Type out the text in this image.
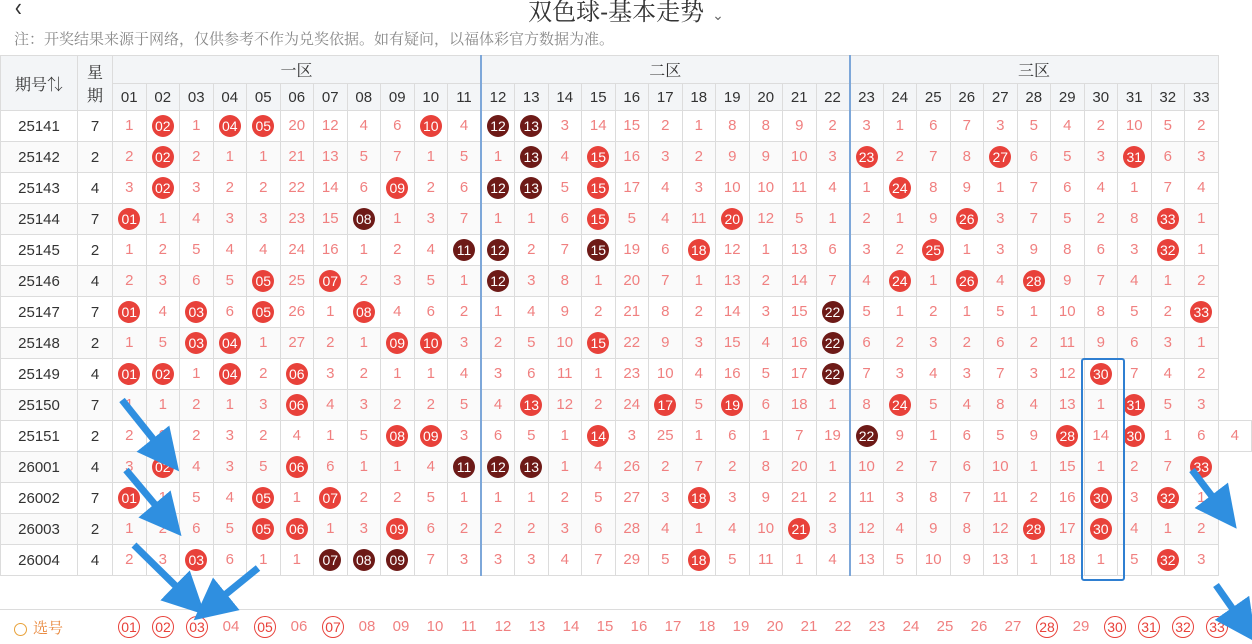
‹	双色球-基本走势 ⌄
注：开奖结果来源于网络，仅供参考不作为兑奖依据。如有疑问，以福体彩官方数据为准。
期号⇅	星
期	一区											二区											三区											
		01	02	03	04	05	06	07	08	09	10	11	12	13	14	15	16	17	18	19	20	21	22	23	24	25	26	27	28	29	30	31	32	33	
25141	7	1	02	1	04	05	20	12	4	6	10	4	12	13	3	14	15	2	1	8	8	9	2	3	1	6	7	3	5	4	2	10	5	2	

25142	2	2	02	2	1	1	21	13	5	7	1	5	1	13	4	15	16	3	2	9	9	10	3	23	2	7	8	27	6	5	3	31	6	3	

25143	4	3	02	3	2	2	22	14	6	09	2	6	12	13	5	15	17	4	3	10	10	11	4	1	24	8	9	1	7	6	4	1	7	4	

25144	7	01	1	4	3	3	23	15	08	1	3	7	1	1	6	15	5	4	11	20	12	5	1	2	1	9	26	3	7	5	2	8	33	1	

25145	2	1	2	5	4	4	24	16	1	2	4	11	12	2	7	15	19	6	18	12	1	13	6	3	2	25	1	3	9	8	6	3	32	1	

25146	4	2	3	6	5	05	25	07	2	3	5	1	12	3	8	1	20	7	1	13	2	14	7	4	24	1	26	4	28	9	7	4	1	2	

25147	7	01	4	03	6	05	26	1	08	4	6	2	1	4	9	2	21	8	2	14	3	15	22	5	1	2	1	5	1	10	8	5	2	33	
25148	2	1	5	03	04	1	27	2	1	09	10	3	2	5	10	15	22	9	3	15	4	16	22	6	2	3	2	6	2	11	9	6	3	1	

25149	4	01	02	1	04	2	06	3	2	1	1	4	3	6	11	1	23	10	4	16	5	17	22	7	3	4	3	7	3	12	30	7	4	2	

25150	7	1	1	2	1	3	06	4	3	2	2	5	4	13	12	2	24	17	5	19	6	18	1	8	24	5	4	8	4	13	1	31	5	3	

25151	2	2	2	2	3	2	4	1	5	08	09	3	6	5	1	14	3	25	1	6	1	7	19	22	9	1	6	5	9	28	14	30	1	6	4

26001	4	3	02	4	3	5	06	6	1	1	4	11	12	13	1	4	26	2	7	2	8	20	1	10	2	7	6	10	1	15	1	2	7	33	
26002	7	01	1	5	4	05	1	07	2	2	5	1	1	1	2	5	27	3	18	3	9	21	2	11	3	8	7	11	2	16	30	3	32	1	

26003	2	1	2	6	5	05	06	1	3	09	6	2	2	2	3	6	28	4	1	4	10	21	3	12	4	9	8	12	28	17	30	4	1	2	

26004	4	2	3	03	6	1	1	07	08	09	7	3	3	3	4	7	29	5	18	5	11	1	4	13	5	10	9	13	1	18	1	5	32	3	
选号	01 02 03 04 05 06 07 08 09 10 11 12 13 14 15 16 17 18 19 20 21 22 23 24 25 26 27 28 29 30 31 32 33
